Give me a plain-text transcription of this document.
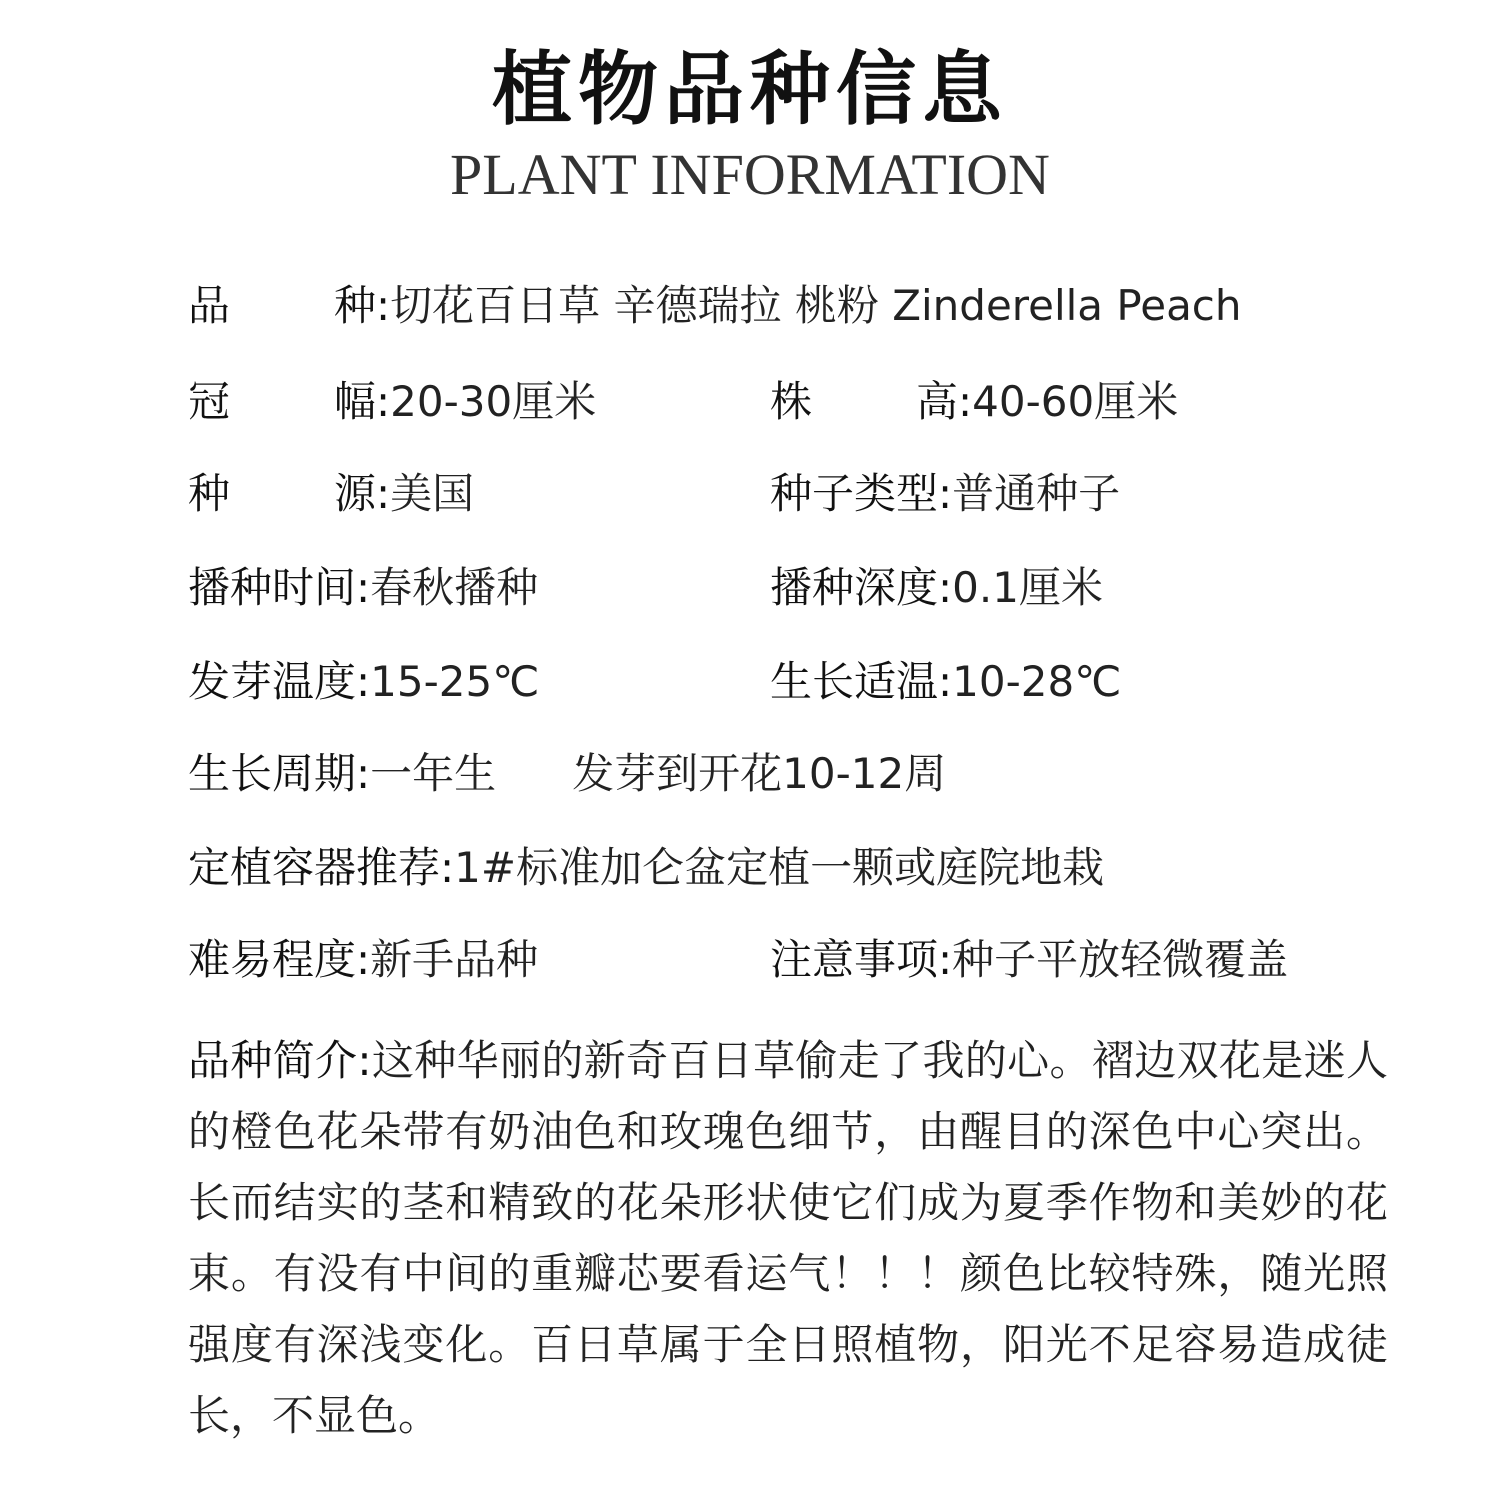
植物品种信息
PLANT INFORMATION
品 种:切花百日草 辛德瑞拉 桃粉 Zinderella Peach
冠 幅:20-30厘米	株 高:40-60厘米
种 源:美国	种子类型:普通种子
播种时间:春秋播种	播种深度:0.1厘米
发芽温度:15-25℃	生长适温:10-28℃
生长周期:一年生 发芽到开花10-12周
定植容器推荐:1#标准加仑盆定植一颗或庭院地栽
难易程度:新手品种	注意事项:种子平放轻微覆盖
品种简介:这种华丽的新奇百日草偷走了我的心。褶边双花是迷人的橙色花朵带有奶油色和玫瑰色细节，由醒目的深色中心突出。长而结实的茎和精致的花朵形状使它们成为夏季作物和美妙的花束。有没有中间的重瓣芯要看运气！！！颜色比较特殊，随光照强度有深浅变化。百日草属于全日照植物，阳光不足容易造成徒长，不显色。
